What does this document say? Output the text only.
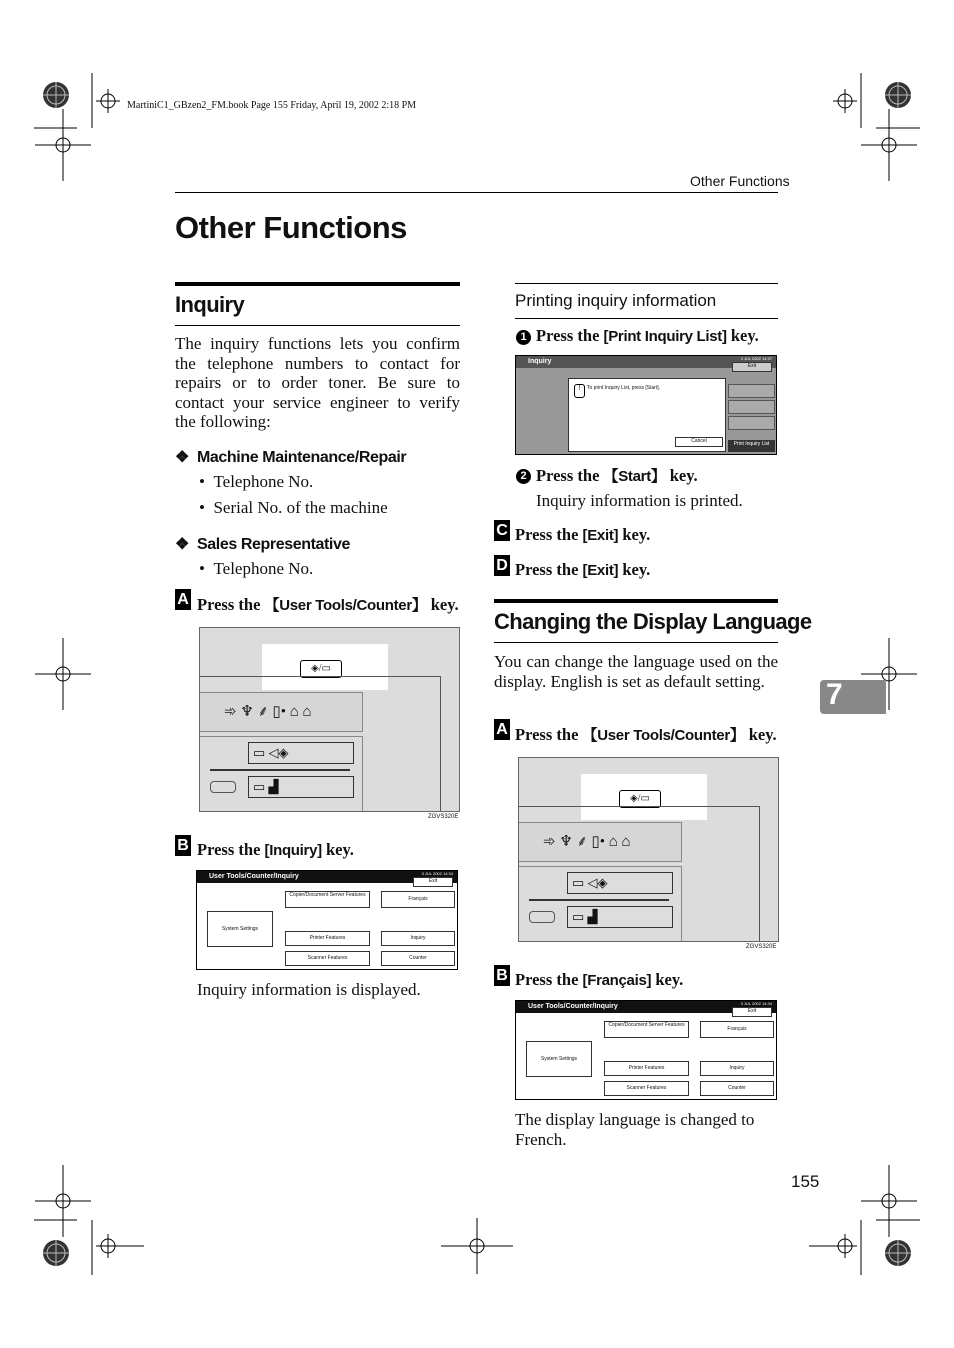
MartiniC1_GBzen2_FM.book Page 155 Friday, April 19, 2002 2:18 PM
Other Functions
Other Functions
Inquiry
The inquiry functions lets you confirm the telephone numbers to contact for repairs or to order toner. Be sure to contact your service engineer to verify the following:
❖ Machine Maintenance/Repair
•  Telephone No.
•  Serial No. of the machine
❖ Sales Representative
•  Telephone No.
A Press the 【User Tools/Counter】 key.
◈/▭
➾ ♆ ⸙ ▯• ⌂ ⌂
▭ ◁◈
▭ ▟
ZGVS320E
B Press the [Inquiry] key.
User Tools/Counter/Inquiry	3 JUL 2002 14:34
Exit
System Settings
Copier/Document Server Features
Français
Printer Features	Inquiry
Scanner Features	Counter
Inquiry information is displayed.
Printing inquiry information
1 Press the [Print Inquiry List] key.
Inquiry	3 JUL 2002 14:37
Exit
!	To print Inquiry List, press [Start].
Cancel	Print Inquiry List
2 Press the 【Start】 key.
Inquiry information is printed.
C Press the [Exit] key.
D Press the [Exit] key.
Changing the Display Language
You can change the language used on the display. English is set as default setting.
A Press the 【User Tools/Counter】 key.
◈/▭
➾ ♆ ⸙ ▯• ⌂ ⌂
▭ ◁◈
▭ ▟
ZGVS320E
B Press the [Français] key.
User Tools/Counter/Inquiry	3 JUL 2002 14:34
Exit
System Settings
Copier/Document Server Features
Français
Printer Features	Inquiry
Scanner Features	Counter
The display language is changed to French.
7
155
